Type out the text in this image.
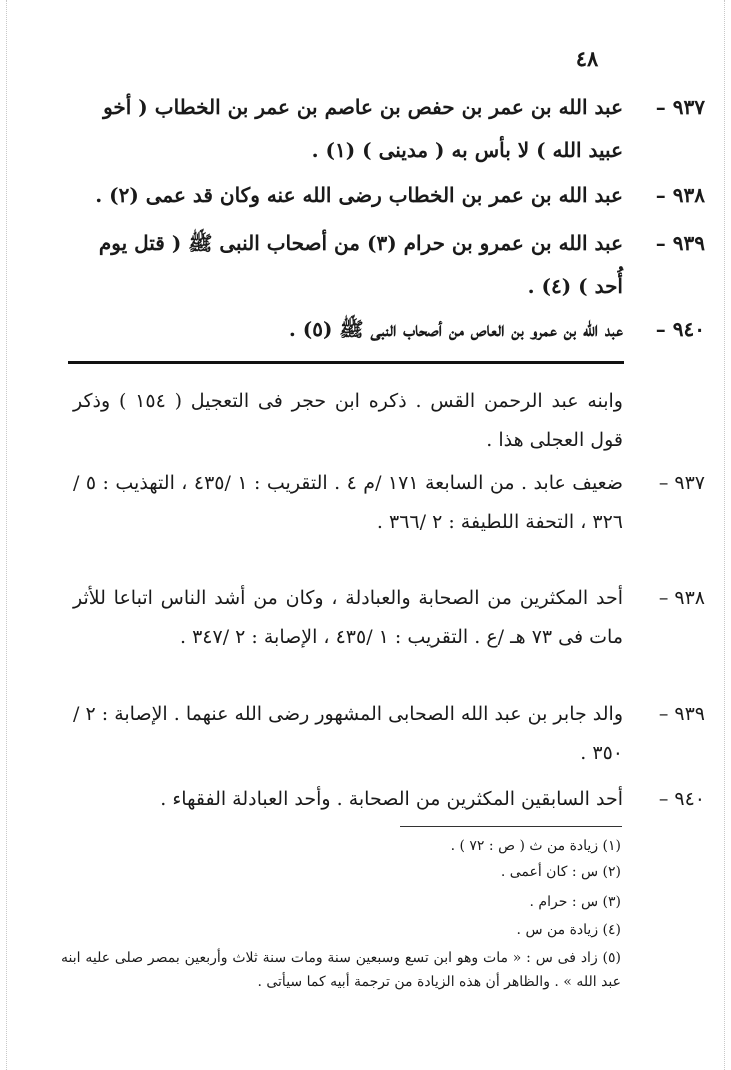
٤٨
٩٣٧ –
عبد الله بن عمر بن حفص بن عاصم بن عمر بن الخطاب ( أخو عبيد الله ) لا بأس به ( مدينى ) (١) .
٩٣٨ –
عبد الله بن عمر بن الخطاب رضى الله عنه وكان قد عمى (٢) .
٩٣٩ –
عبد الله بن عمرو بن حرام (٣) من أصحاب النبى ﷺ ( قتل يوم أُحد ) (٤) .
٩٤٠ –
عبد الله بن عمرو بن العاص من أصحاب النبى ﷺ (٥) .
وابنه عبد الرحمن القس . ذكره ابن حجر فى التعجيل ( ١٥٤ ) وذكر قول العجلى هذا .
٩٣٧ –
ضعيف عابد . من السابعة ١٧١ /م ٤ . التقريب : ١ /٤٣٥ ، التهذيب : ٥ /٣٢٦ ، التحفة اللطيفة : ٢ /٣٦٦ .
٩٣٨ –
أحد المكثرين من الصحابة والعبادلة ، وكان من أشد الناس اتباعا للأثر مات فى ٧٣ هـ /ع . التقريب : ١ /٤٣٥ ، الإصابة : ٢ /٣٤٧ .
٩٣٩ –
والد جابر بن عبد الله الصحابى المشهور رضى الله عنهما . الإصابة : ٢ /٣٥٠ .
٩٤٠ –
أحد السابقين المكثرين من الصحابة . وأحد العبادلة الفقهاء .
(١) زيادة من ث ( ص : ٧٢ ) .
(٢) س : كان أعمى .
(٣) س : حرام .
(٤) زيادة من س .
(٥) زاد فى س : « مات وهو ابن تسع وسبعين سنة ومات سنة ثلاث وأربعين بمصر صلى عليه ابنه عبد الله » . والظاهر أن هذه الزيادة من ترجمة أبيه كما سيأتى .
